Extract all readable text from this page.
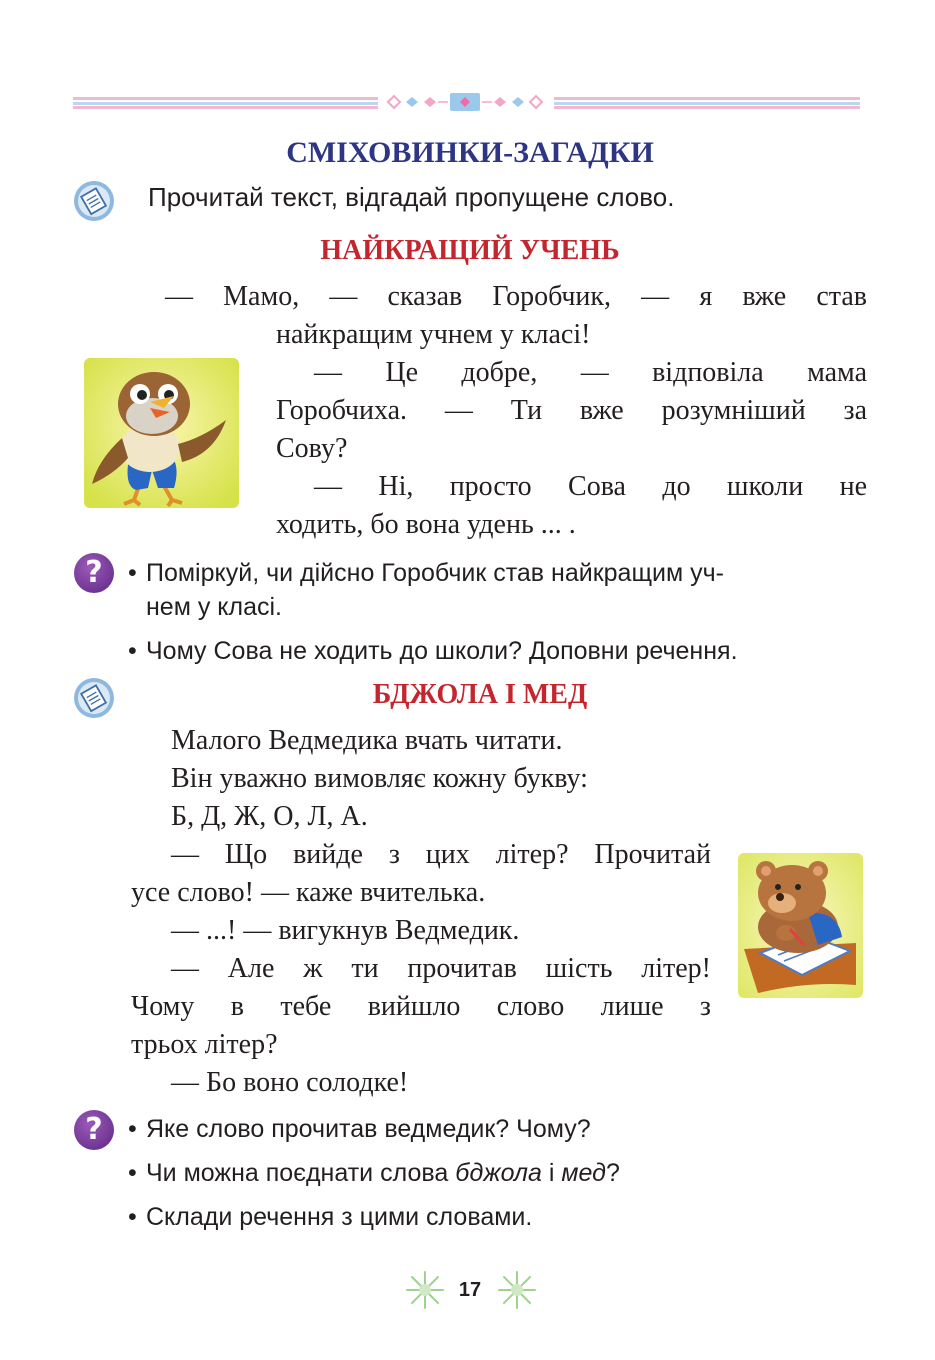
СМІХОВИНКИ-ЗАГАДКИ
Прочитай текст, відгадай пропущене слово.
НАЙКРАЩИЙ УЧЕНЬ

— Мамо, — сказав Горобчик, — я вже став

найкращим учнем у класі!

— Це добре, — відповіла мама

Горобчиха. — Ти вже розумніший за

Сову?

— Ні, просто Сова до школи не

ходить, бо вона удень ... .

?	• Поміркуй, чи дійсно Горобчик став найкращим уч-
нем у класі.
• Чому Сова не ходить до школи? Доповни речення.
БДЖОЛА І МЕД

Малого Ведмедика вчать читати.

Він уважно вимовляє кожну букву:

Б, Д, Ж, О, Л, А.

— Що вийде з цих літер? Прочитай

усе слово! — каже вчителька.

— ...! — вигукнув Ведмедик.

— Але ж ти прочитав шість літер!

Чому в тебе вийшло слово лише з

трьох літер?

— Бо воно солодке!

?	• Яке слово прочитав ведмедик? Чому?
• Чи можна поєднати слова бджола і мед?
• Склади речення з цими словами.
17
